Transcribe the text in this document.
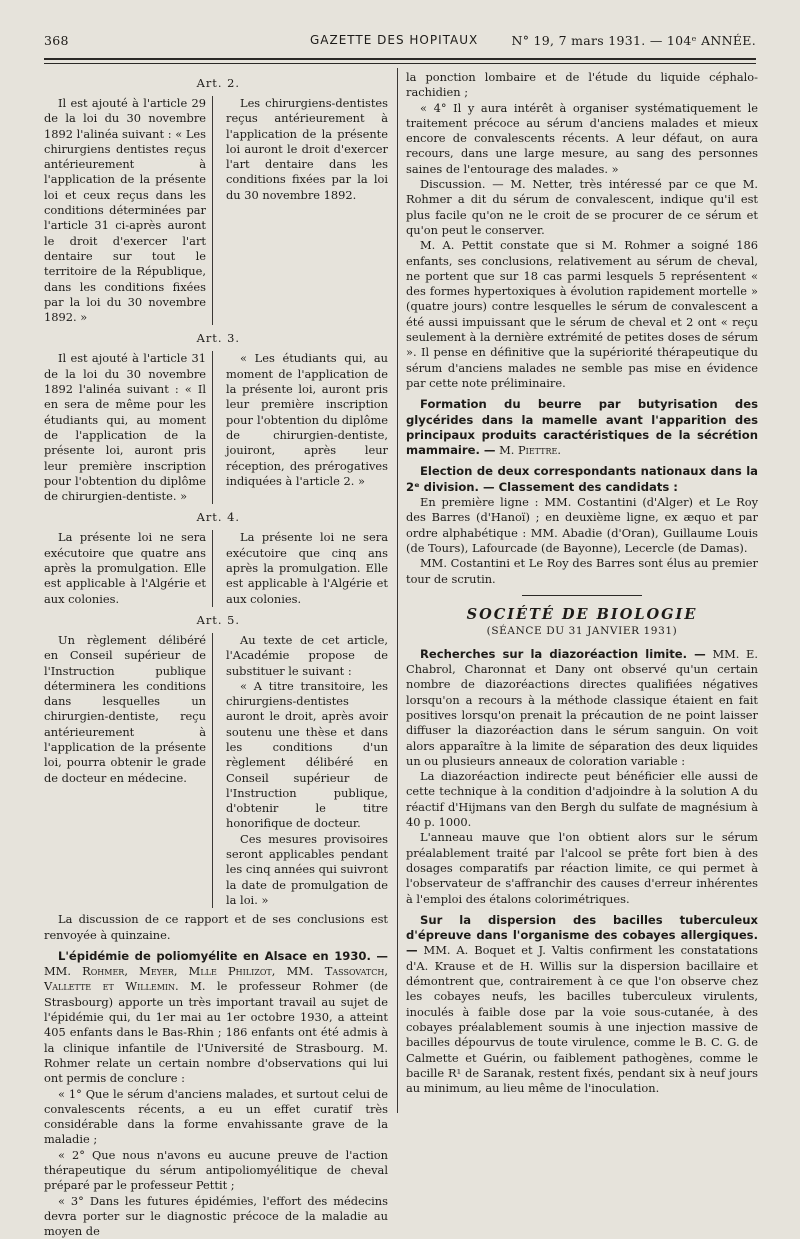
368	GAZETTE DES HOPITAUX	N° 19, 7 mars 1931. — 104ᵉ ANNÉE.
Art. 2.

Il est ajouté à l'article 29 de la loi du 30 novembre 1892 l'alinéa suivant : « Les chirurgiens dentistes reçus antérieurement à l'application de la présente loi et ceux reçus dans les conditions déterminées par l'article 31 ci-après auront le droit d'exercer l'art dentaire sur tout le territoire de la République, dans les conditions fixées par la loi du 30 novembre 1892. »

Les chirurgiens-dentistes reçus antérieurement à l'application de la présente loi auront le droit d'exercer l'art dentaire dans les conditions fixées par la loi du 30 novembre 1892.

Art. 3.

Il est ajouté à l'article 31 de la loi du 30 novembre 1892 l'alinéa suivant : « Il en sera de même pour les étudiants qui, au moment de l'application de la présente loi, auront pris leur première inscription pour l'obtention du diplôme de chirurgien-dentiste. »

« Les étudiants qui, au moment de l'application de la présente loi, auront pris leur première inscription pour l'obtention du diplôme de chirurgien-dentiste, jouiront, après leur réception, des prérogatives indiquées à l'article 2. »

Art. 4.

La présente loi ne sera exécutoire que quatre ans après la promulgation. Elle est applicable à l'Algérie et aux colonies.

La présente loi ne sera exécutoire que cinq ans après la promulgation. Elle est applicable à l'Algérie et aux colonies.

Art. 5.

Un règlement délibéré en Conseil supérieur de l'Instruction publique déterminera les conditions dans lesquelles un chirurgien-dentiste, reçu antérieurement à l'application de la présente loi, pourra obtenir le grade de docteur en médecine.

Au texte de cet article, l'Académie propose de substituer le suivant :

« A titre transitoire, les chirurgiens-dentistes auront le droit, après avoir soutenu une thèse et dans les conditions d'un règlement délibéré en Conseil supérieur de l'Instruction publique, d'obtenir le titre honorifique de docteur.

Ces mesures provisoires seront applicables pendant les cinq années qui suivront la date de promulgation de la loi. »

La discussion de ce rapport et de ses conclusions est renvoyée à quinzaine.

L'épidémie de poliomyélite en Alsace en 1930. — MM. Rohmer, Meyer, Mlle Philizot, MM. Tassovatch, Vallette et Willemin. M. le professeur Rohmer (de Strasbourg) apporte un très important travail au sujet de l'épidémie qui, du 1er mai au 1er octobre 1930, a atteint 405 enfants dans le Bas-Rhin ; 186 enfants ont été admis à la clinique infantile de l'Université de Strasbourg. M. Rohmer relate un certain nombre d'observations qui lui ont permis de conclure :

« 1° Que le sérum d'anciens malades, et surtout celui de convalescents récents, a eu un effet curatif très considérable dans la forme envahissante grave de la maladie ;

« 2° Que nous n'avons eu aucune preuve de l'action thérapeutique du sérum antipoliomyélitique de cheval préparé par le professeur Pettit ;

« 3° Dans les futures épidémies, l'effort des médecins devra porter sur le diagnostic précoce de la maladie au moyen de

la ponction lombaire et de l'étude du liquide céphalo-rachidien ;

« 4° Il y aura intérêt à organiser systématiquement le traitement précoce au sérum d'anciens malades et mieux encore de convalescents récents. A leur défaut, on aura recours, dans une large mesure, au sang des personnes saines de l'entourage des malades. »

Discussion. — M. Netter, très intéressé par ce que M. Rohmer a dit du sérum de convalescent, indique qu'il est plus facile qu'on ne le croit de se procurer de ce sérum et qu'on peut le conserver.

M. A. Pettit constate que si M. Rohmer a soigné 186 enfants, ses conclusions, relativement au sérum de cheval, ne portent que sur 18 cas parmi lesquels 5 représentent « des formes hypertoxiques à évolution rapidement mortelle » (quatre jours) contre lesquelles le sérum de convalescent a été aussi impuissant que le sérum de cheval et 2 ont « reçu seulement à la dernière extrémité de petites doses de sérum ». Il pense en définitive que la supériorité thérapeutique du sérum d'anciens malades ne semble pas mise en évidence par cette note préliminaire.

Formation du beurre par butyrisation des glycérides dans la mamelle avant l'apparition des principaux produits caractéristiques de la sécrétion mammaire. — M. Piettre.

Election de deux correspondants nationaux dans la 2ᵉ division. — Classement des candidats :

En première ligne : MM. Costantini (d'Alger) et Le Roy des Barres (d'Hanoï) ; en deuxième ligne, ex æquo et par ordre alphabétique : MM. Abadie (d'Oran), Guillaume Louis (de Tours), Lafourcade (de Bayonne), Lecercle (de Damas).

MM. Costantini et Le Roy des Barres sont élus au premier tour de scrutin.

SOCIÉTÉ DE BIOLOGIE
(SÉANCE DU 31 JANVIER 1931)

Recherches sur la diazoréaction limite. — MM. E. Chabrol, Charonnat et Dany ont observé qu'un certain nombre de diazoréactions directes qualifiées négatives lorsqu'on a recours à la méthode classique étaient en fait positives lorsqu'on prenait la précaution de ne point laisser diffuser la diazoréaction dans le sérum sanguin. On voit alors apparaître à la limite de séparation des deux liquides un ou plusieurs anneaux de coloration variable :

La diazoréaction indirecte peut bénéficier elle aussi de cette technique à la condition d'adjoindre à la solution A du réactif d'Hijmans van den Bergh du sulfate de magnésium à 40 p. 1000.

L'anneau mauve que l'on obtient alors sur le sérum préalablement traité par l'alcool se prête fort bien à des dosages comparatifs par réaction limite, ce qui permet à l'observateur de s'affranchir des causes d'erreur inhérentes à l'emploi des étalons colorimétriques.

Sur la dispersion des bacilles tuberculeux d'épreuve dans l'organisme des cobayes allergiques. — MM. A. Boquet et J. Valtis confirment les constatations d'A. Krause et de H. Willis sur la dispersion bacillaire et démontrent que, contrairement à ce que l'on observe chez les cobayes neufs, les bacilles tuberculeux virulents, inoculés à faible dose par la voie sous-cutanée, à des cobayes préalablement soumis à une injection massive de bacilles dépourvus de toute virulence, comme le B. C. G. de Calmette et Guérin, ou faiblement pathogènes, comme le bacille R¹ de Saranak, restent fixés, pendant six à neuf jours au minimum, au lieu même de l'inoculation.
